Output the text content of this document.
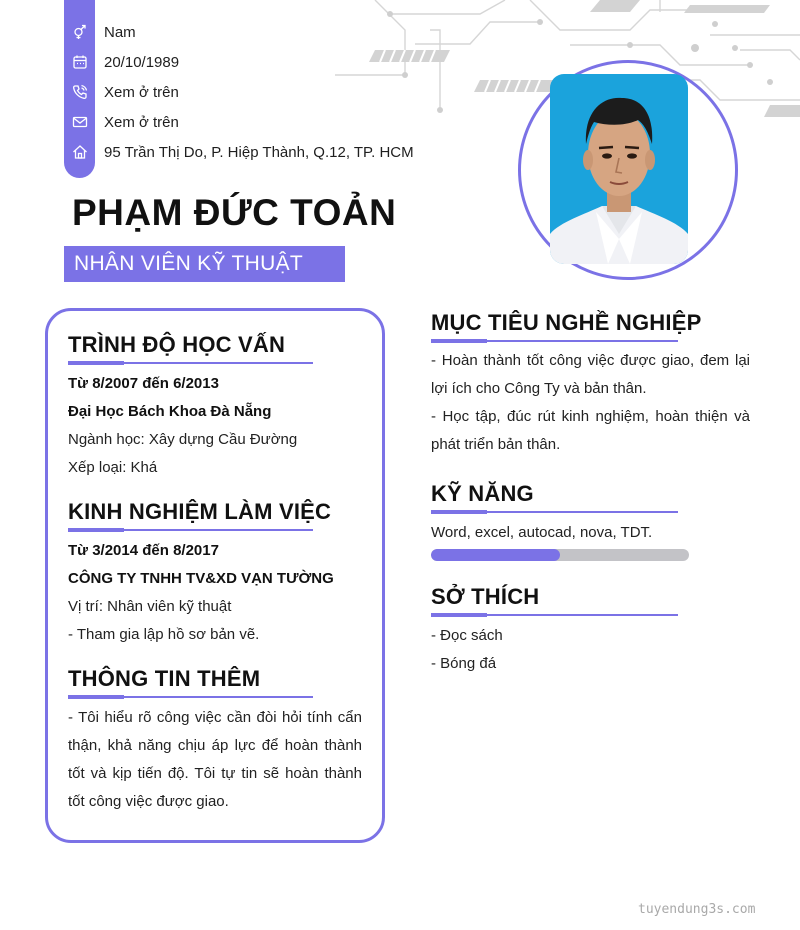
Nam
20/10/1989
Xem ở trên
Xem ở trên
95 Trần Thị Do, P. Hiệp Thành, Q.12, TP. HCM
PHẠM ĐỨC TOẢN
NHÂN VIÊN KỸ THUẬT
TRÌNH ĐỘ HỌC VẤN
Từ 8/2007 đến 6/2013
Đại Học Bách Khoa Đà Nẵng
Ngành học: Xây dựng Cầu Đường
Xếp loại: Khá
KINH NGHIỆM LÀM VIỆC
Từ 3/2014 đến 8/2017
CÔNG TY TNHH TV&XD VẠN TƯỜNG
Vị trí: Nhân viên kỹ thuật
- Tham gia lập hồ sơ bản vẽ.
THÔNG TIN THÊM
- Tôi hiểu rõ công việc cần đòi hỏi tính cẩn thận, khả năng chịu áp lực để hoàn thành tốt và kịp tiến độ. Tôi tự tin sẽ hoàn thành tốt công việc được giao.
MỤC TIÊU NGHỀ NGHIỆP
- Hoàn thành tốt công việc được giao, đem lại lợi ích cho Công Ty và bản thân.
- Học tập, đúc rút kinh nghiệm, hoàn thiện và phát triển bản thân.
KỸ NĂNG
Word, excel, autocad, nova, TDT.
SỞ THÍCH
- Đọc sách
- Bóng đá
tuyendung3s.com
